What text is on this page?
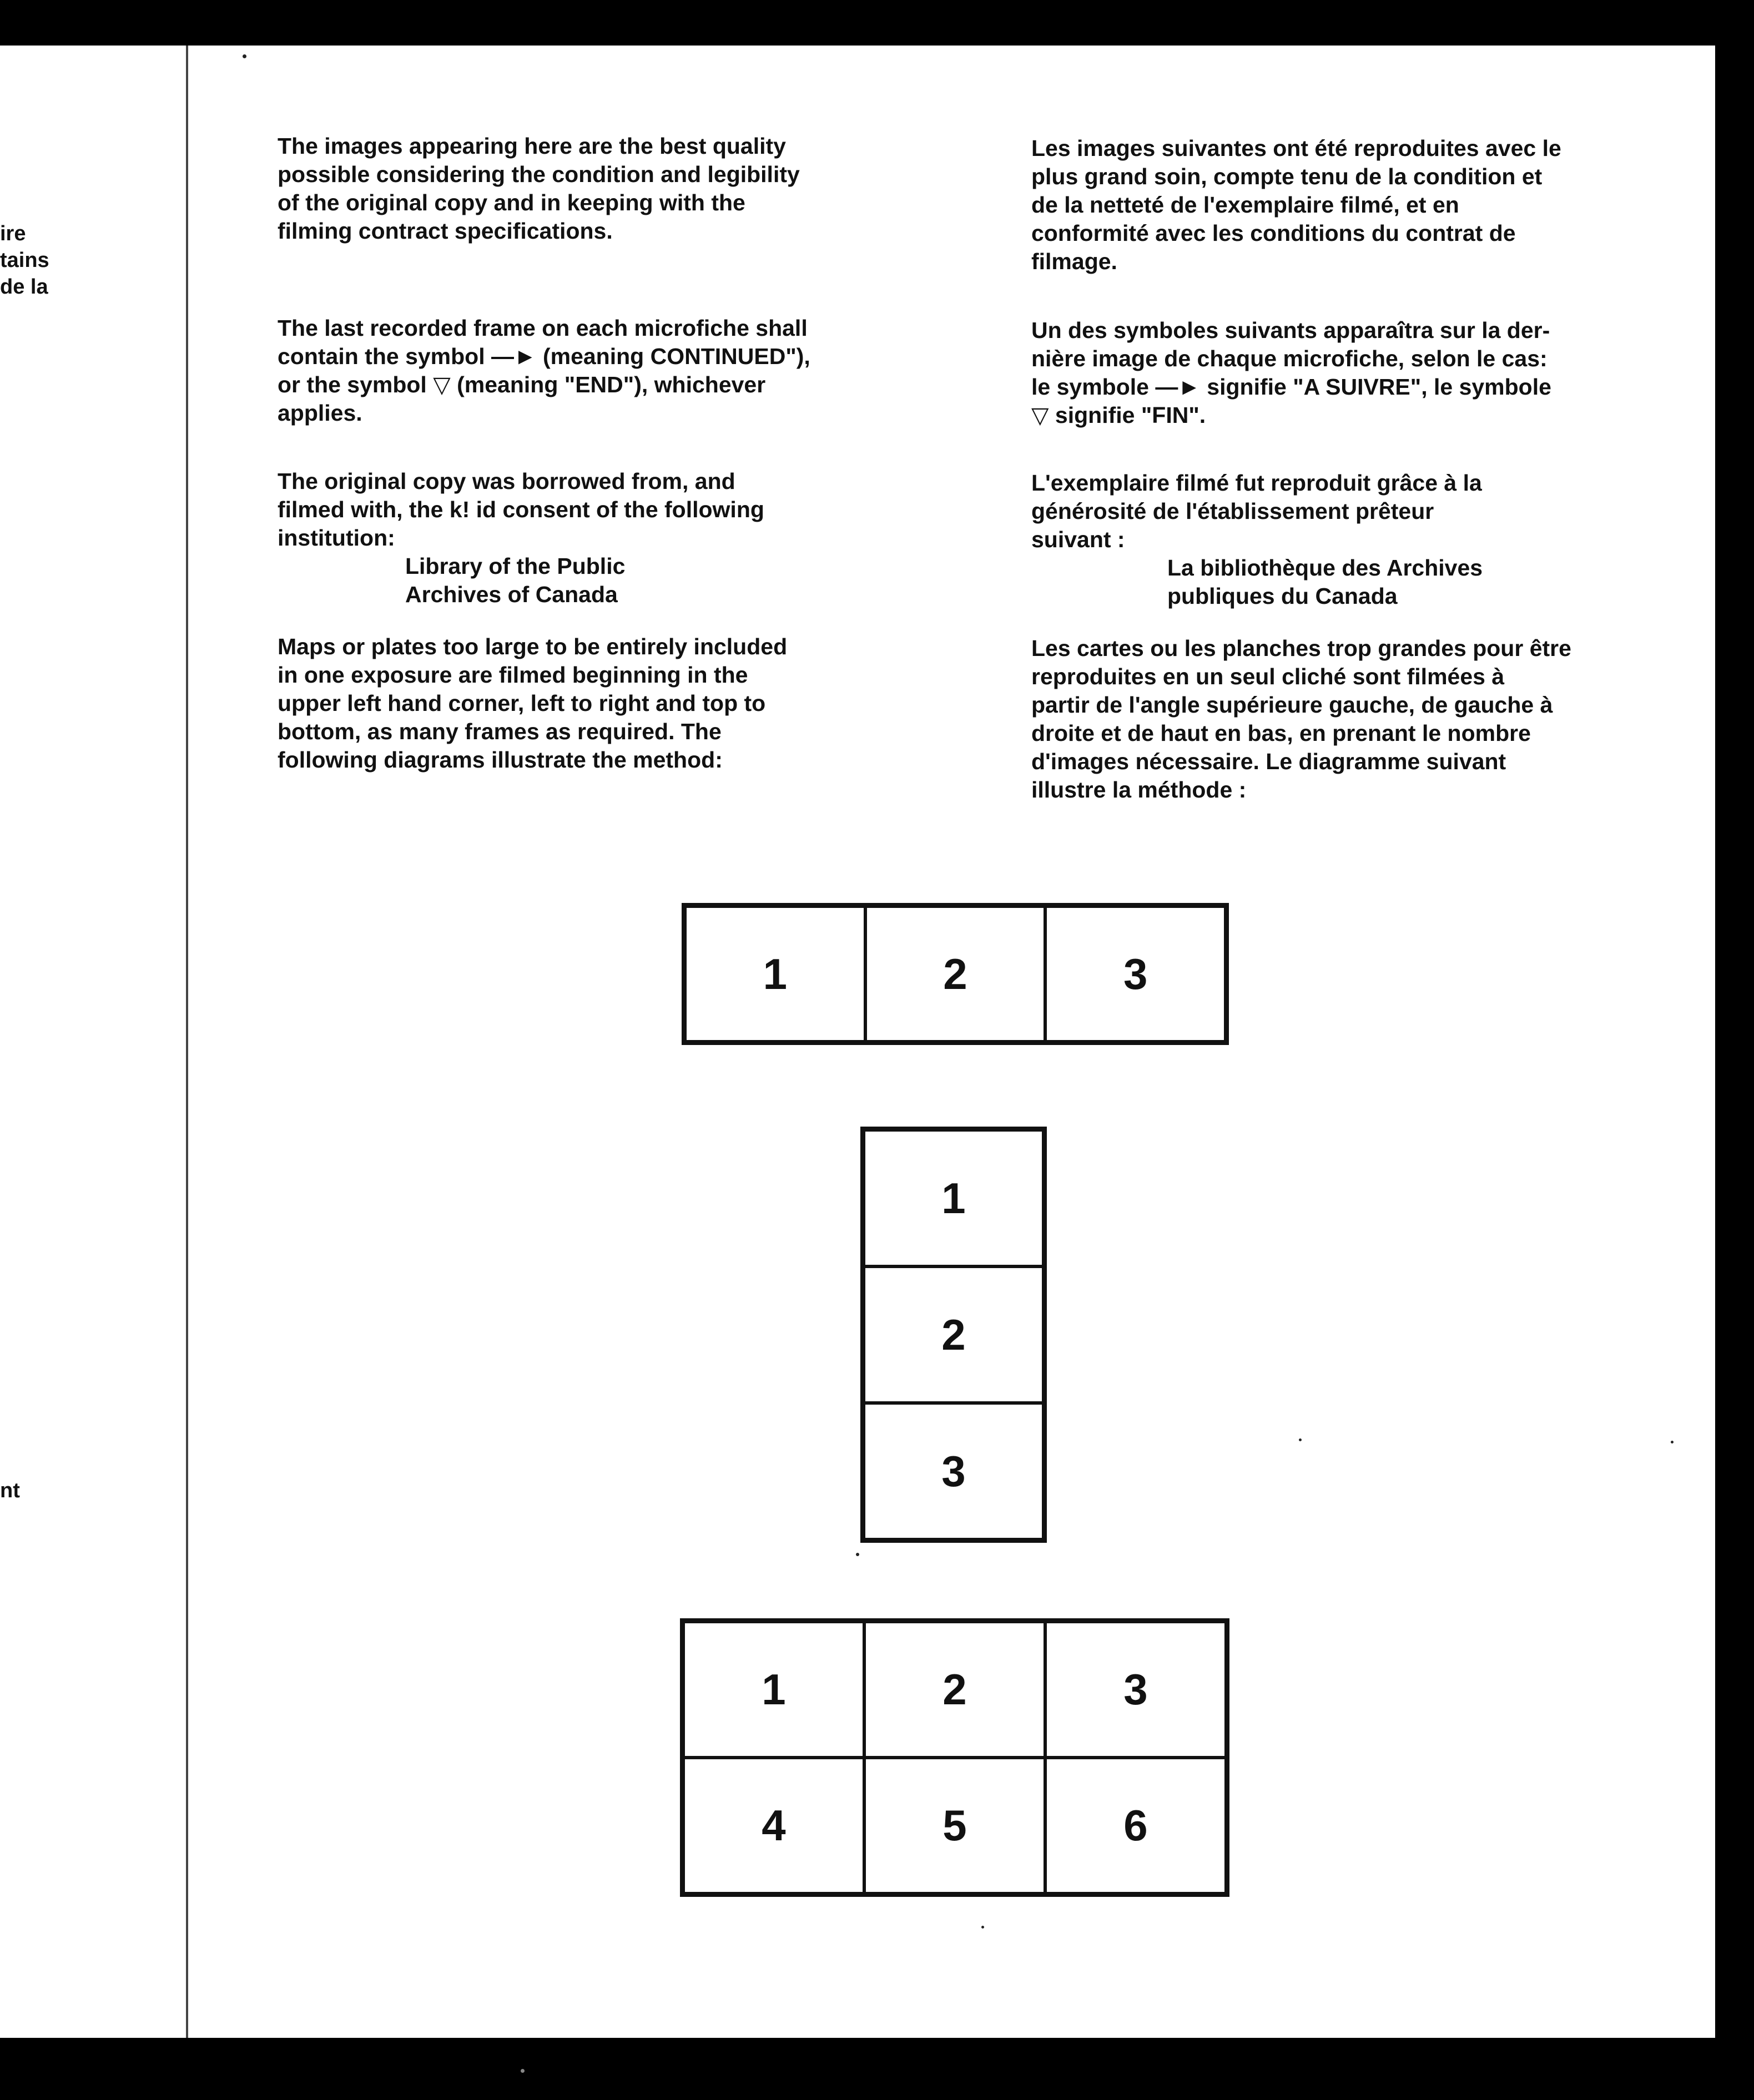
ire
tains
de la
nt

The images appearing here are the best quality

possible considering the condition and legibility

of the original copy and in keeping with the

filming contract specifications.

The last recorded frame on each microfiche shall

contain the symbol —► (meaning CONTINUED"),

or the symbol ▽ (meaning "END"), whichever

applies.

The original copy was borrowed from, and

filmed with, the k! id consent of the following

institution:

Library of the Public

Archives of Canada

Maps or plates too large to be entirely included

in one exposure are filmed beginning in the

upper left hand corner, left to right and top to

bottom, as many frames as required. The

following diagrams illustrate the method:

Les images suivantes ont été reproduites avec le

plus grand soin, compte tenu de la condition et

de la netteté de l'exemplaire filmé, et en

conformité avec les conditions du contrat de

filmage.

Un des symboles suivants apparaîtra sur la der-

nière image de chaque microfiche, selon le cas:

le symbole —► signifie "A SUIVRE", le symbole

▽ signifie "FIN".

L'exemplaire filmé fut reproduit grâce à la

générosité de l'établissement prêteur

suivant :

La bibliothèque des Archives

publiques du Canada

Les cartes ou les planches trop grandes pour être

reproduites en un seul cliché sont filmées à

partir de l'angle supérieure gauche, de gauche à

droite et de haut en bas, en prenant le nombre

d'images nécessaire. Le diagramme suivant

illustre la méthode :

1	2	3
1
2
3
1	2	3
4	5	6
